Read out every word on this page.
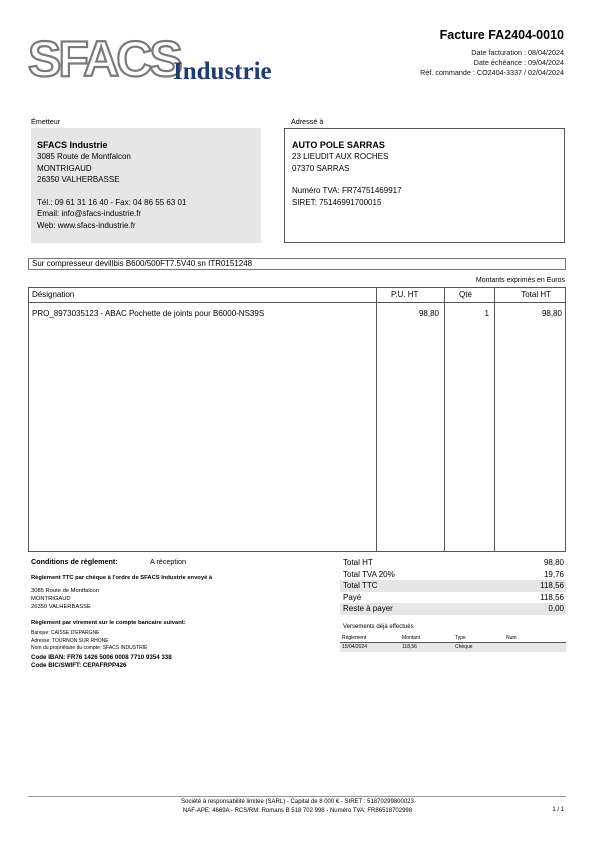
SFACS
Industrie
Facture FA2404-0010
Date facturation : 08/04/2024
Date échéance : 09/04/2024
Réf. commande : CO2404-3337 / 02/04/2024
Émetteur	Adressé à
SFACS Industrie
3085 Route de Montfalcon
MONTRIGAUD
26350 VALHERBASSE
Tél.: 09 61 31 16 40 - Fax: 04 86 55 63 01
Email: info@sfacs-industrie.fr
Web: www.sfacs-industrie.fr
AUTO POLE SARRAS
23 LIEUDIT AUX ROCHES
07370 SARRAS
Numéro TVA: FR74751469917
SIRET: 75146991700015
Sur compresseur devillbis B600/500FT7.5V40 sn ITR0151248
Montants exprimés en Euros
Désignation	P.U. HT	Qté	Total HT
PRO_8973035123 - ABAC Pochette de joints pour B6000-NS39S	98,80	1	98,80
Conditions de règlement:	A réception
Règlement TTC par chèque à l'ordre de SFACS Industrie envoyé à
3085 Route de Montfalcon
MONTRIGAUD
26350 VALHERBASSE
Règlement par virement sur le compte bancaire suivant:
Banque: CAISSE D'EPARGNE
Adresse: TOURNON SUR RHONE
Nom du propriétaire du compte: SFACS INDUSTRIE
Code IBAN: FR76 1426 5006 0008 7710 9354 338
Code BIC/SWIFT: CEPAFRPP426
Total HT	98,80
Total TVA 20%	19,76
Total TTC	118,56
Payé	118,56
Reste à payer	0,00
Versements déjà effectués
Règlement	Montant	Type	Num
15/04/2024	118,56	Chèque
Société à responsabilité limitée (SARL) - Capital de 8 000 € - SIRET : 51870299800023
NAF-APE: 4669A - RCS/RM: Romans B 518 702 998 - Numéro TVA: FR86518702998	1 / 1
